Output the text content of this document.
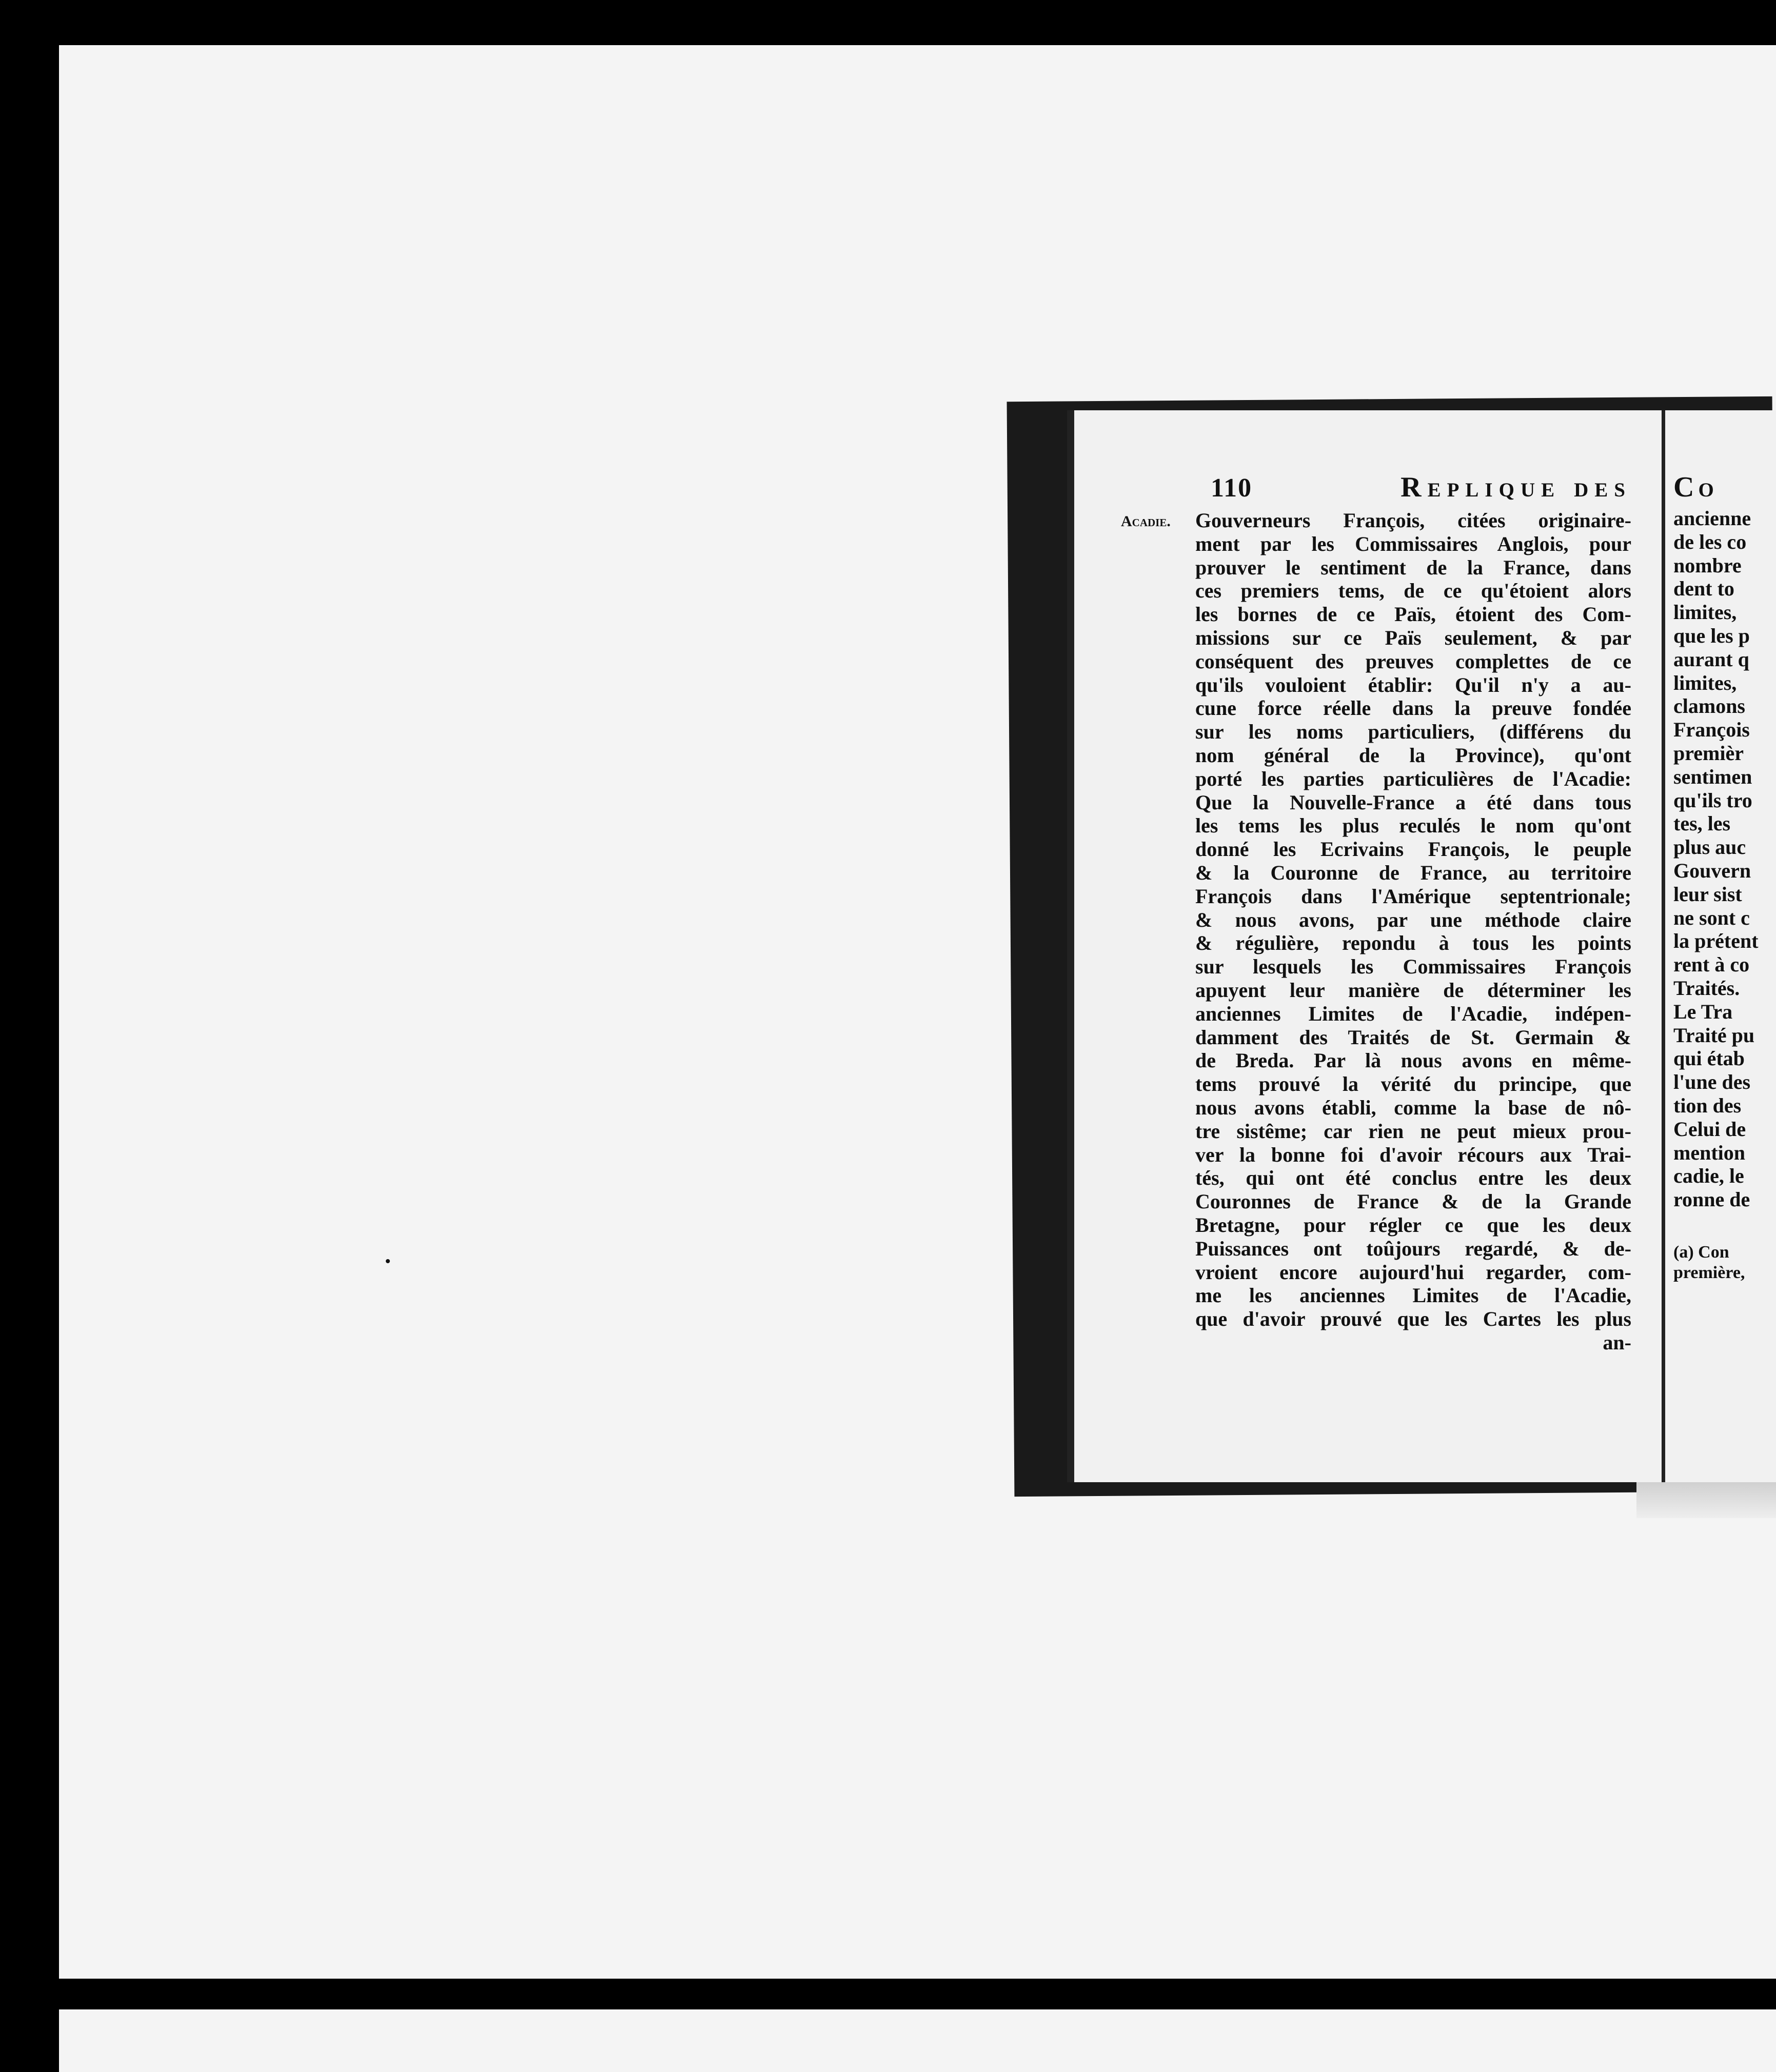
110	Replique des
Acadie. Gouverneurs François, citées originaire-
ment par les Commissaires Anglois, pour
prouver le sentiment de la France, dans
ces premiers tems, de ce qu'étoient alors
les bornes de ce Païs, étoient des Com-
missions sur ce Païs seulement, & par
conséquent des preuves complettes de ce
qu'ils vouloient établir: Qu'il n'y a au-
cune force réelle dans la preuve fondée
sur les noms particuliers, (différens du
nom général de la Province), qu'ont
porté les parties particulières de l'Acadie:
Que la Nouvelle-France a été dans tous
les tems les plus reculés le nom qu'ont
donné les Ecrivains François, le peuple
& la Couronne de France, au territoire
François dans l'Amérique septentrionale;
& nous avons, par une méthode claire
& régulière, repondu à tous les points
sur lesquels les Commissaires François
apuyent leur manière de déterminer les
anciennes Limites de l'Acadie, indépen-
damment des Traités de St. Germain &
de Breda. Par là nous avons en même-
tems prouvé la vérité du principe, que
nous avons établi, comme la base de nô-
tre sistême; car rien ne peut mieux prou-
ver la bonne foi d'avoir récours aux Trai-
tés, qui ont été conclus entre les deux
Couronnes de France & de la Grande
Bretagne, pour régler ce que les deux
Puissances ont toûjours regardé, & de-
vroient encore aujourd'hui regarder, com-
me les anciennes Limites de l'Acadie,
que d'avoir prouvé que les Cartes les plus
an-
Co
ancienne
de les co
nombre
dent to
limites,
que les p
aurant q
limites,
clamons
François
premièr
sentimen
qu'ils tro
tes, les
plus auc
Gouvern
leur sist
ne sont c
la prétent
rent à co
Traités.
Le Tra
Traité pu
qui étab
l'une des
tion des
Celui de
mention
cadie, le
ronne de
(a) Con
première,
